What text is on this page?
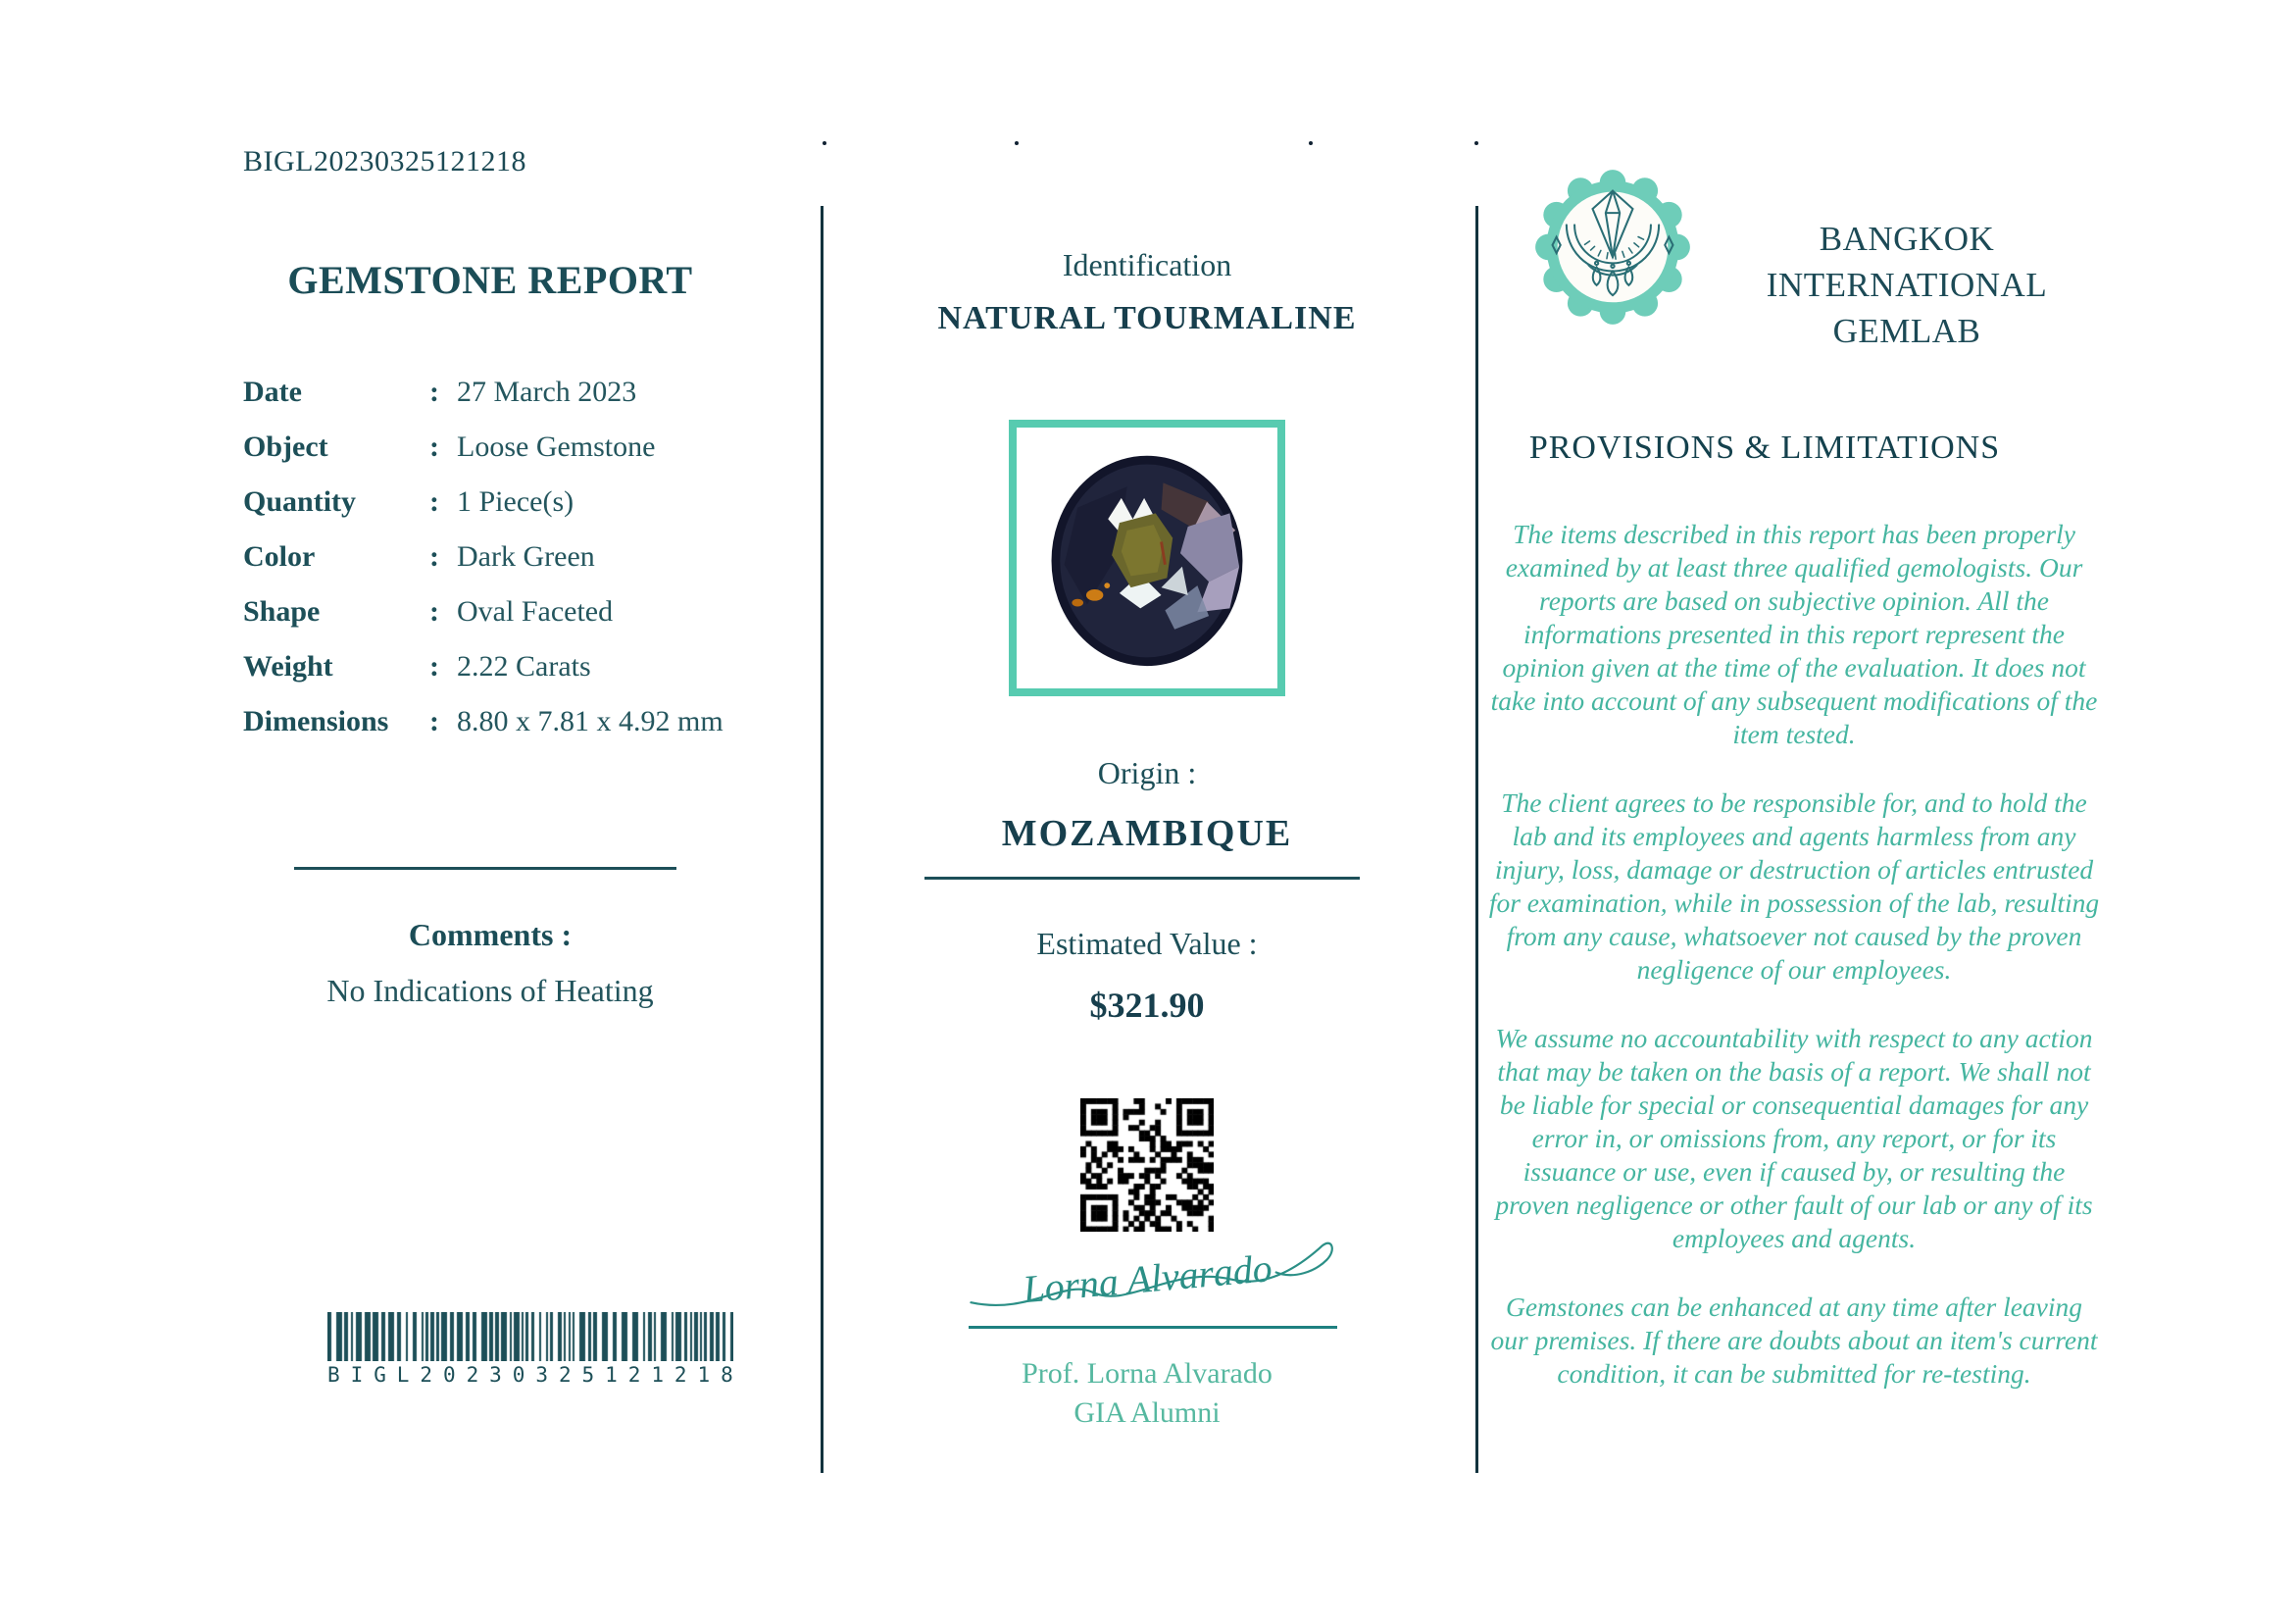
BIGL20230325121218
GEMSTONE REPORT
Date	: 27 March 2023
Object	: Loose Gemstone
Quantity	: 1 Piece(s)
Color	: Dark Green
Shape	: Oval Faceted
Weight	: 2.22 Carats
Dimensions	: 8.80 x 7.81 x 4.92 mm
Comments :
No Indications of Heating
B I G L 2 0 2 3 0 3 2 5 1 2 1 2 1 8
Identification
NATURAL TOURMALINE
Origin :
MOZAMBIQUE
Estimated Value :
$321.90
Lorna Alvarado
Prof. Lorna Alvarado
GIA Alumni
BANGKOK
INTERNATIONAL
GEMLAB
PROVISIONS & LIMITATIONS

The items described in this report has been properly examined by at least three qualified gemologists. Our reports are based on subjective opinion. All the informations presented in this report represent the opinion given at the time of the evaluation. It does not take into account of any subsequent modifications of the item tested.

The client agrees to be responsible for, and to hold the lab and its employees and agents harmless from any injury, loss, damage or destruction of articles entrusted for examination, while in possession of the lab, resulting from any cause, whatsoever not caused by the proven negligence of our employees.

We assume no accountability with respect to any action that may be taken on the basis of a report. We shall not be liable for special or consequential damages for any error in, or omissions from, any report, or for its issuance or use, even if caused by, or resulting the proven negligence or other fault of our lab or any of its employees and agents.

Gemstones can be enhanced at any time after leaving our premises. If there are doubts about an item's current condition, it can be submitted for re-testing.
